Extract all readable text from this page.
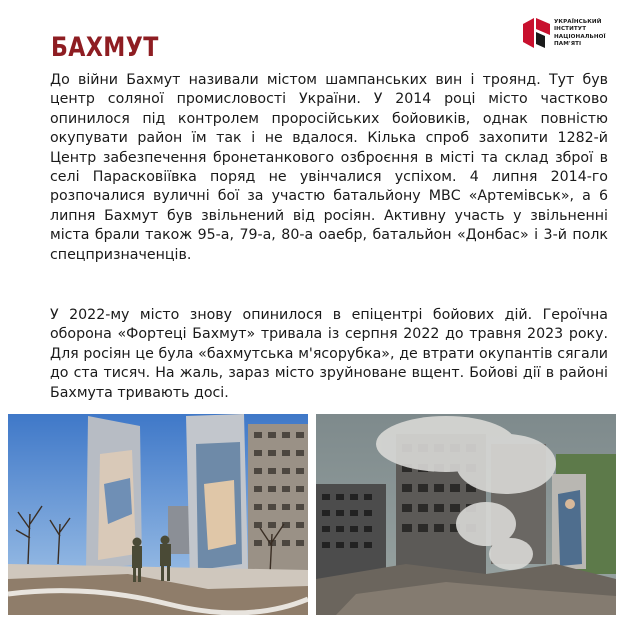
БАХМУТ
УКРАЇНСЬКИЙ
ІНСТИТУТ
НАЦІОНАЛЬНОЇ
ПАМ'ЯТІ

До війни Бахмут називали містом шампанських вин і троянд. Тут був центр соляної промисловості України. У 2014 році місто частково опинилося під контролем проросійських бойовиків, однак повністю окупувати район їм так і не вдалося. Кілька спроб захопити 1282-й Центр забезпечення бронетанкового озброєння в місті та склад зброї в селі Парасковіївка поряд не увінчалися успіхом. 4 липня 2014-го розпочалися вуличні бої за участю батальйону МВС «Артемівськ», а 6 липня Бахмут був звільнений від росіян. Активну участь у звільненні міста брали також 95-а, 79-а, 80-а оаебр, батальйон «Донбас» і 3-й полк спецпризначенців.

У 2022-му місто знову опинилося в епіцентрі бойових дій. Героїчна оборона «Фортеці Бахмут» тривала із серпня 2022 до травня 2023 року. Для росіян це була «бахмутська м'ясорубка», де втрати окупантів сягали до ста тисяч. На жаль, зараз місто зруйноване вщент. Бойові дії в районі Бахмута тривають досі.
